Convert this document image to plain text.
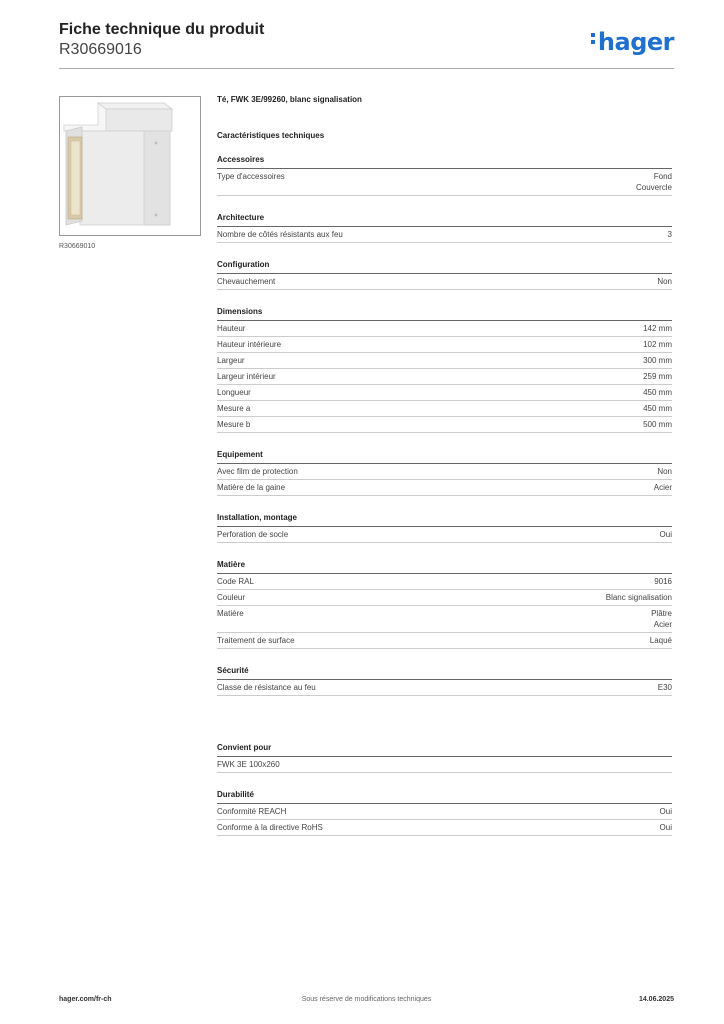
Fiche technique du produit
R30669016	hager
R30669010
Té, FWK 3E/99260, blanc signalisation
Caractéristiques techniques
Accessoires
Type d'accessoires	Fond
Couvercle
Architecture
Nombre de côtés résistants aux feu	3
Configuration
Chevauchement	Non
Dimensions
Hauteur	142 mm
Hauteur intérieure	102 mm
Largeur	300 mm
Largeur intérieur	259 mm
Longueur	450 mm
Mesure a	450 mm
Mesure b	500 mm
Equipement
Avec film de protection	Non
Matière de la gaine	Acier
Installation, montage
Perforation de socle	Oui
Matière
Code RAL	9016
Couleur	Blanc signalisation
Matière	Plâtre
Acier
Traitement de surface	Laqué
Sécurité
Classe de résistance au feu	E30
Convient pour
FWK 3E 100x260
Durabilité
Conformité REACH	Oui
Conforme à la directive RoHS	Oui
hager.com/fr-ch	Sous réserve de modifications techniques	14.06.2025
